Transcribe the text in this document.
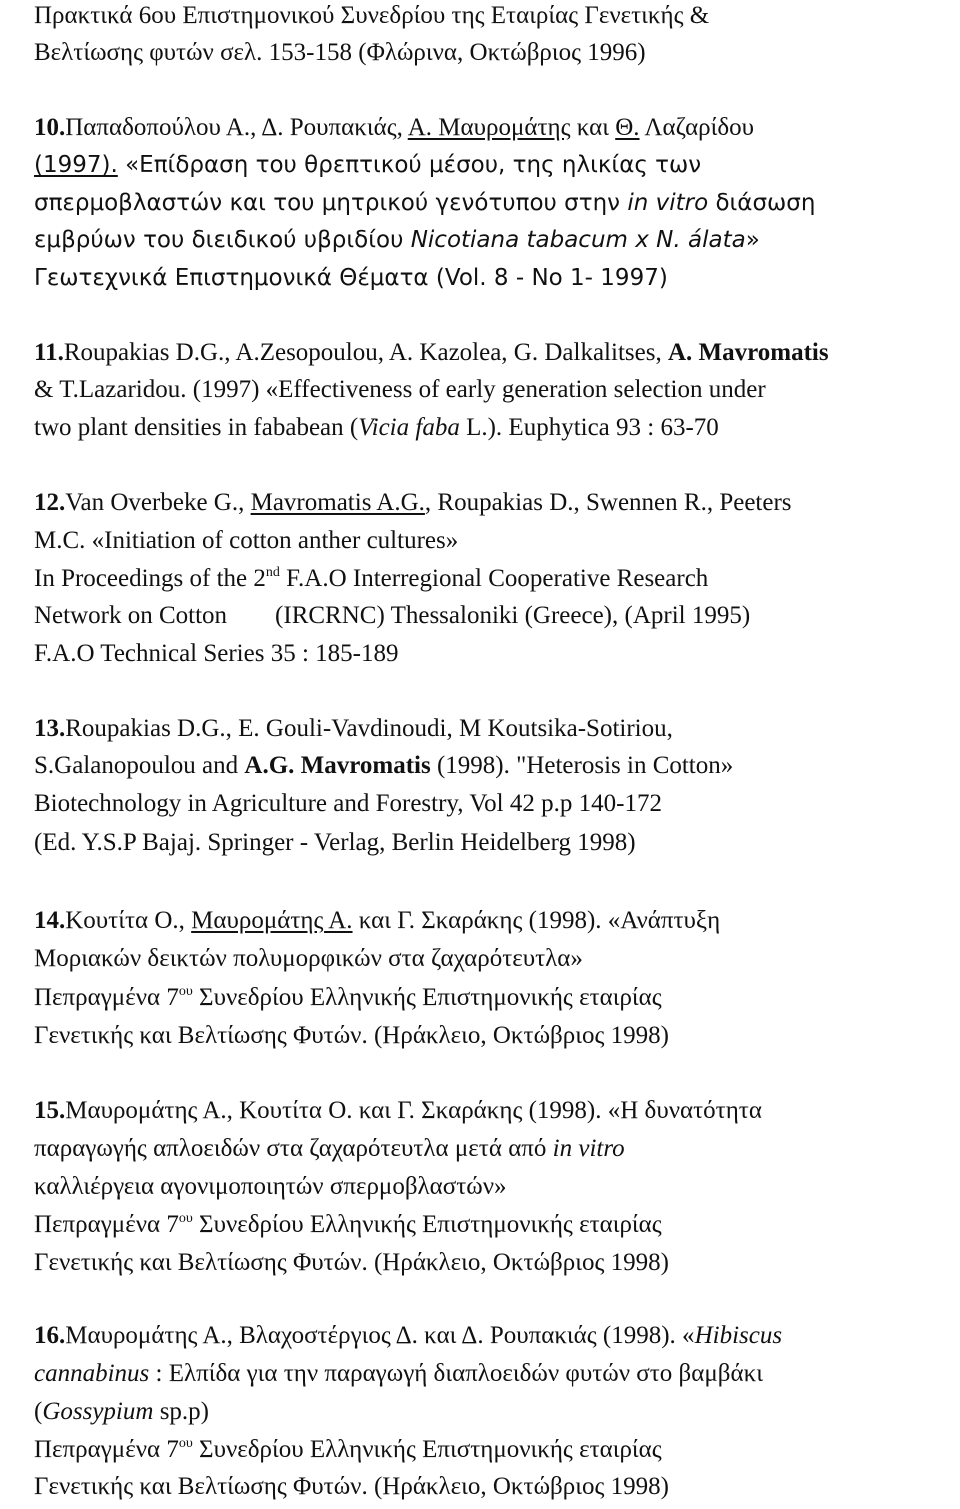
Πρακτικά 6ου Επιστημονικού Συνεδρίου της Εταιρίας Γενετικής &
Βελτίωσης φυτών σελ. 153-158 (Φλώρινα, Οκτώβριος 1996)
10.Παπαδοπούλου Α., Δ. Ρουπακιάς, Α. Μαυρομάτης και Θ. Λαζαρίδου
(1997). «Επίδραση του θρεπτικού μέσου, της ηλικίας των
σπερμοβλαστών και του μητρικού γενότυπου στην in vitro διάσωση
εμβρύων του διειδικού υβριδίου Nicotiana tabacum x N. álata»
Γεωτεχνικά Επιστημονικά Θέματα (Vol. 8 - No 1- 1997)
11.Roupakias D.G., A.Zesopoulou, A. Kazolea, G. Dalkalitses, A. Mavromatis
& T.Lazaridou. (1997) «Effectiveness of early generation selection under
two plant densities in fababean (Vicia faba L.). Euphytica 93 : 63-70
12.Van Overbeke G., Mavromatis A.G., Roupakias D., Swennen R., Peeters
M.C. «Initiation of cotton anther cultures»
In Proceedings of the 2nd F.A.O Interregional Cooperative Research
Network on Cotton (IRCRNC) Thessaloniki (Greece), (April 1995)
F.A.O Technical Series 35 : 185-189
13.Roupakias D.G., E. Gouli-Vavdinoudi, M Koutsika-Sotiriou,
S.Galanopoulou and A.G. Mavromatis (1998). "Heterosis in Cotton»
Biotechnology in Agriculture and Forestry, Vol 42 p.p 140-172
(Ed. Y.S.P Bajaj. Springer - Verlag, Berlin Heidelberg 1998)
14.Κουτίτα Ο., Μαυρομάτης Α. και Γ. Σκαράκης (1998). «Ανάπτυξη
Μοριακών δεικτών πολυμορφικών στα ζαχαρότευτλα»
Πεπραγμένα $7^{o\upsilon}$ Συνεδρίου Ελληνικής Επιστημονικής εταιρίας
Γενετικής και Βελτίωσης Φυτών. (Ηράκλειο, Οκτώβριος 1998)
15.Μαυρομάτης Α., Κουτίτα Ο. και Γ. Σκαράκης (1998). «Η δυνατότητα
παραγωγής απλοειδών στα ζαχαρότευτλα μετά από in vitro
καλλιέργεια αγονιμοποιητών σπερμοβλαστών»
Πεπραγμένα $7^{o\upsilon}$ Συνεδρίου Ελληνικής Επιστημονικής εταιρίας
Γενετικής και Βελτίωσης Φυτών. (Ηράκλειο, Οκτώβριος 1998)
16.Μαυρομάτης Α., Βλαχοστέργιος Δ. και Δ. Ρουπακιάς (1998). «Hibiscus
cannabinus : Ελπίδα για την παραγωγή διαπλοειδών φυτών στο βαμβάκι
(Gossypium sp.p)
Πεπραγμένα $7^{o\upsilon}$ Συνεδρίου Ελληνικής Επιστημονικής εταιρίας
Γενετικής και Βελτίωσης Φυτών. (Ηράκλειο, Οκτώβριος 1998)
